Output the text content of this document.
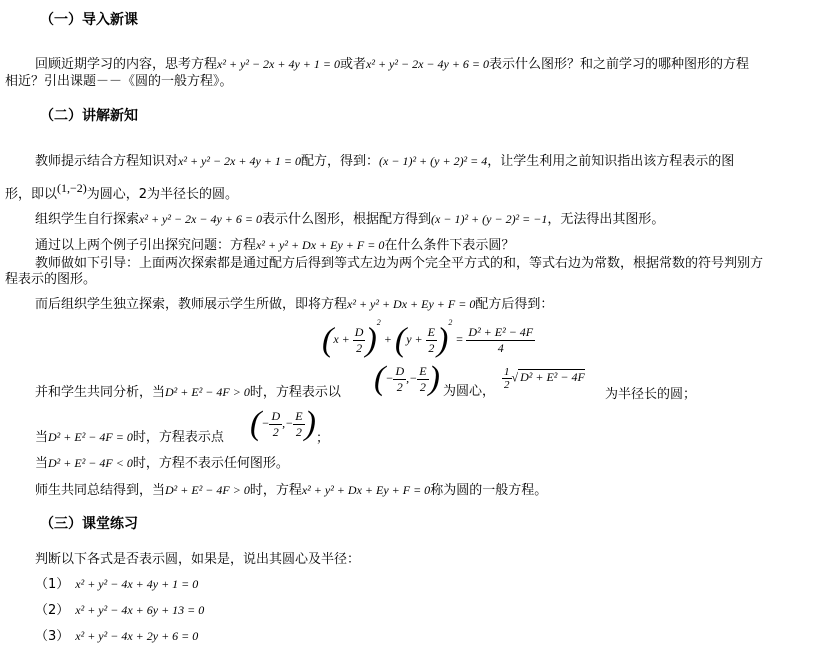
（一）导入新课
回顾近期学习的内容，思考方程x² + y² − 2x + 4y + 1 = 0或者x² + y² − 2x − 4y + 6 = 0表示什么图形？和之前学习的哪种图形的方程
相近？引出课题－－《圆的一般方程》。
（二）讲解新知
教师提示结合方程知识对x² + y² − 2x + 4y + 1 = 0配方，得到：(x − 1)² + (y + 2)² = 4，让学生利用之前知识指出该方程表示的图
形，即以(1,−2)为圆心，2为半径长的圆。
组织学生自行探索x² + y² − 2x − 4y + 6 = 0表示什么图形，根据配方得到(x − 1)² + (y − 2)² = −1，无法得出其图形。
通过以上两个例子引出探究问题：方程x² + y² + Dx + Ey + F = 0在什么条件下表示圆？
教师做如下引导：上面两次探索都是通过配方后得到等式左边为两个完全平方式的和，等式右边为常数，根据常数的符号判别方
程表示的图形。
而后组织学生独立探索，教师展示学生所做，即将方程x² + y² + Dx + Ey + F = 0配方后得到：
$(x + \frac{D}{2} )^2 + (y + \frac{E}{2} )^2 = \frac{\text{D² + E² − 4F}}{4}$
并和学生共同分析，当D² + E² − 4F > 0时，方程表示以 (− $\frac{D}{2}$ ,− $\frac{E}{2}$ ) 为圆心，
$\frac{1}{2}$ √ D² + E² − 4F
为半径长的圆；
当D² + E² − 4F = 0时，方程表示点 (− $\frac{D}{2}$ ,− $\frac{E}{2}$ ) ；
当D² + E² − 4F < 0时，方程不表示任何图形。
师生共同总结得到，当D² + E² − 4F > 0时，方程x² + y² + Dx + Ey + F = 0称为圆的一般方程。
（三）课堂练习
判断以下各式是否表示圆，如果是，说出其圆心及半径：
（1） x² + y² − 4x + 4y + 1 = 0
（2） x² + y² − 4x + 6y + 13 = 0
（3） x² + y² − 4x + 2y + 6 = 0
